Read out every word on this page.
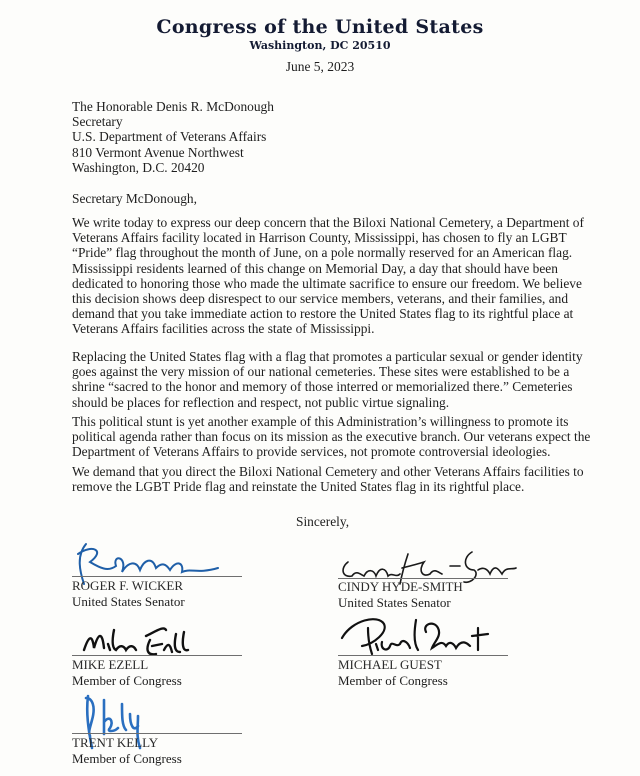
Congress of the United States
Washington, DC 20510
June 5, 2023
The Honorable Denis R. McDonough
Secretary
U.S. Department of Veterans Affairs
810 Vermont Avenue Northwest
Washington, D.C. 20420
Secretary McDonough,

We write today to express our deep concern that the Biloxi National Cemetery, a Department of Veterans Affairs facility located in Harrison County, Mississippi, has chosen to fly an LGBT “Pride” flag throughout the month of June, on a pole normally reserved for an American flag. Mississippi residents learned of this change on Memorial Day, a day that should have been dedicated to honoring those who made the ultimate sacrifice to ensure our freedom. We believe this decision shows deep disrespect to our service members, veterans, and their families, and demand that you take immediate action to restore the United States flag to its rightful place at Veterans Affairs facilities across the state of Mississippi.

Replacing the United States flag with a flag that promotes a particular sexual or gender identity goes against the very mission of our national cemeteries. These sites were established to be a shrine “sacred to the honor and memory of those interred or memorialized there.” Cemeteries should be places for reflection and respect, not public virtue signaling.

This political stunt is yet another example of this Administration’s willingness to promote its political agenda rather than focus on its mission as the executive branch. Our veterans expect the Department of Veterans Affairs to provide services, not promote controversial ideologies.

We demand that you direct the Biloxi National Cemetery and other Veterans Affairs facilities to remove the LGBT Pride flag and reinstate the United States flag in its rightful place.

Sincerely,
ROGER F. WICKER
United States Senator
CINDY HYDE-SMITH
United States Senator
MIKE EZELL
Member of Congress
MICHAEL GUEST
Member of Congress
TRENT KELLY
Member of Congress
